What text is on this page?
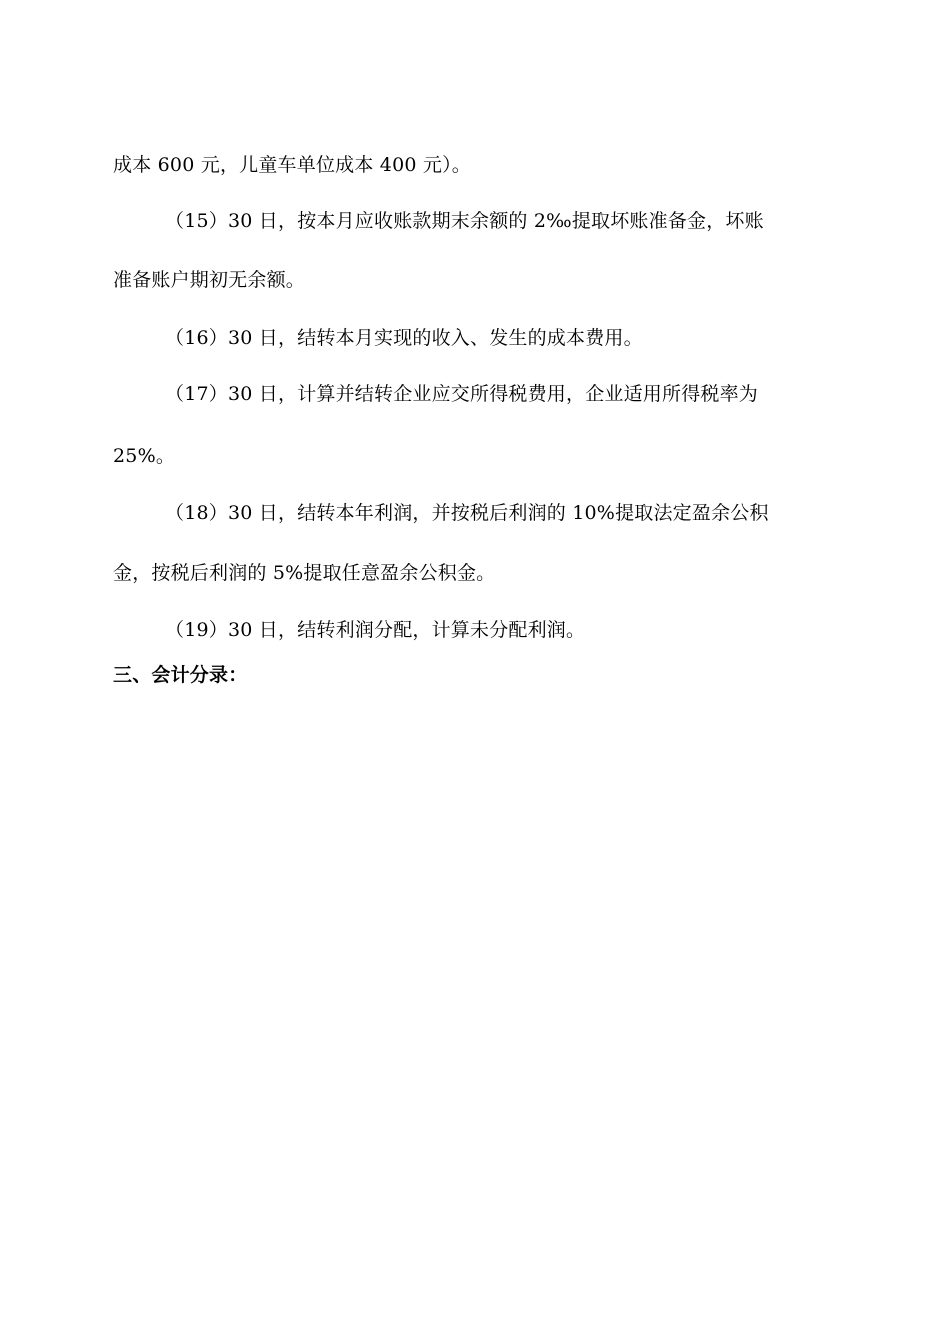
成本 600 元，儿童车单位成本 400 元）。
（15）30 日，按本月应收账款期末余额的 2‰提取坏账准备金，坏账
准备账户期初无余额。
（16）30 日，结转本月实现的收入、发生的成本费用。
（17）30 日，计算并结转企业应交所得税费用，企业适用所得税率为
25%。
（18）30 日，结转本年利润，并按税后利润的 10%提取法定盈余公积
金，按税后利润的 5%提取任意盈余公积金。
（19）30 日，结转利润分配，计算未分配利润。
三、会计分录：
